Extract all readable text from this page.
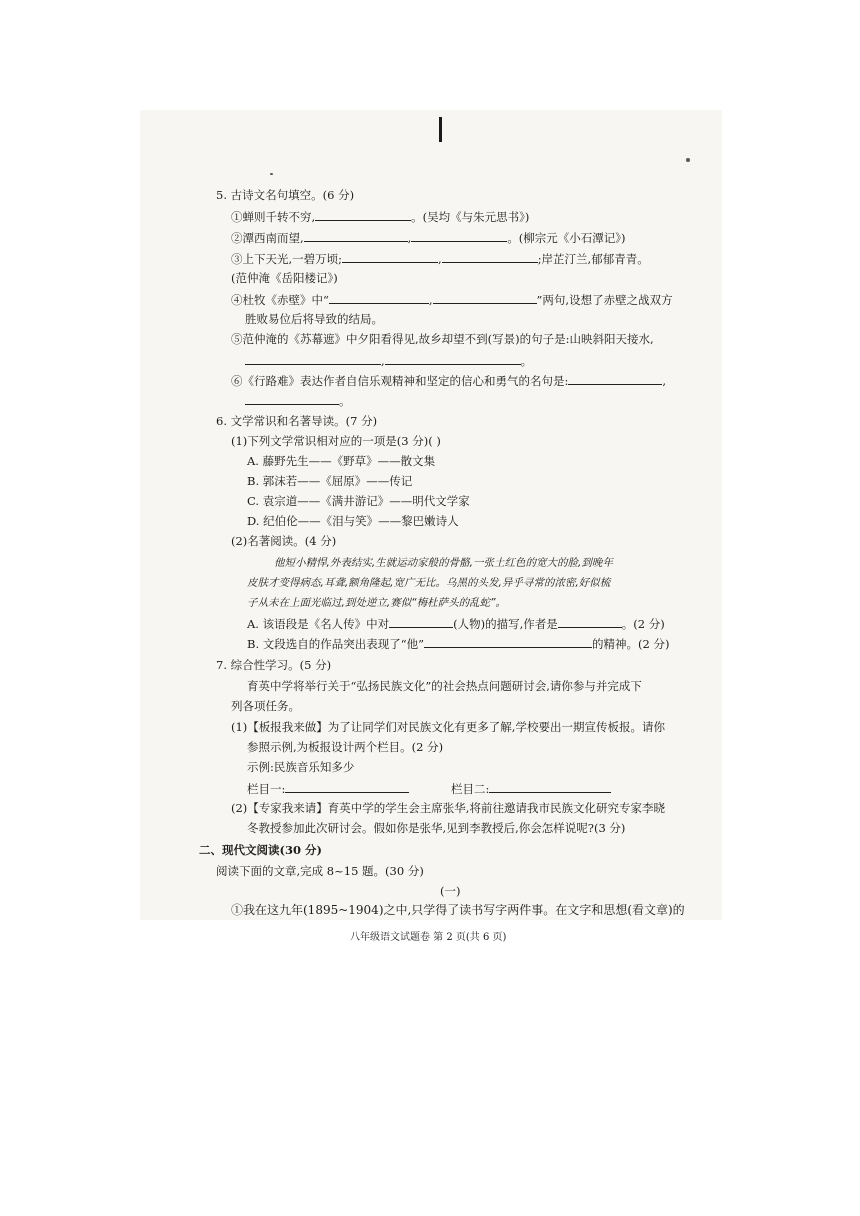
5. 古诗文名句填空。(6 分)
①蝉则千转不穷,	。(吴均《与朱元思书》)
②潭西南而望,	,	。(柳宗元《小石潭记》)
③上下天光,一碧万顷;	,	;岸芷汀兰,郁郁青青。
(范仲淹《岳阳楼记》)
④杜牧《赤壁》中“	,	”两句,设想了赤壁之战双方
胜败易位后将导致的结局。
⑤范仲淹的《苏幕遮》中夕阳看得见,故乡却望不到(写景)的句子是:山映斜阳天接水,
,	。
⑥《行路难》表达作者自信乐观精神和坚定的信心和勇气的名句是:	,
。
6. 文学常识和名著导读。(7 分)
(1)下列文学常识相对应的一项是(3 分)( )
A. 藤野先生——《野草》——散文集
B. 郭沫若——《屈原》——传记
C. 袁宗道——《满井游记》——明代文学家
D. 纪伯伦——《泪与笑》——黎巴嫩诗人
(2)名著阅读。(4 分)
他短小精悍,外表结实,生就运动家般的骨骼,一张土红色的宽大的脸,到晚年
皮肤才变得病态,耳聋,额角隆起,宽广无比。乌黑的头发,异乎寻常的浓密,好似梳
子从未在上面光临过,到处逆立,赛似“梅杜萨头的乱蛇”。
A. 该语段是《名人传》中对	(人物)的描写,作者是	。(2 分)
B. 文段选自的作品突出表现了“他”	的精神。(2 分)
7. 综合性学习。(5 分)
育英中学将举行关于“弘扬民族文化”的社会热点问题研讨会,请你参与并完成下
列各项任务。
(1)【板报我来做】为了让同学们对民族文化有更多了解,学校要出一期宣传板报。请你
参照示例,为板报设计两个栏目。(2 分)
示例:民族音乐知多少
栏目一:	栏目二:
(2)【专家我来请】育英中学的学生会主席张华,将前往邀请我市民族文化研究专家李晓
冬教授参加此次研讨会。假如你是张华,见到李教授后,你会怎样说呢?(3 分)
二、现代文阅读(30 分)
阅读下面的文章,完成 8~15 题。(30 分)
(一)
①我在这九年(1895~1904)之中,只学得了读书写字两件事。在文字和思想(看文章)的
八年级语文试题卷 第 2 页(共 6 页)
